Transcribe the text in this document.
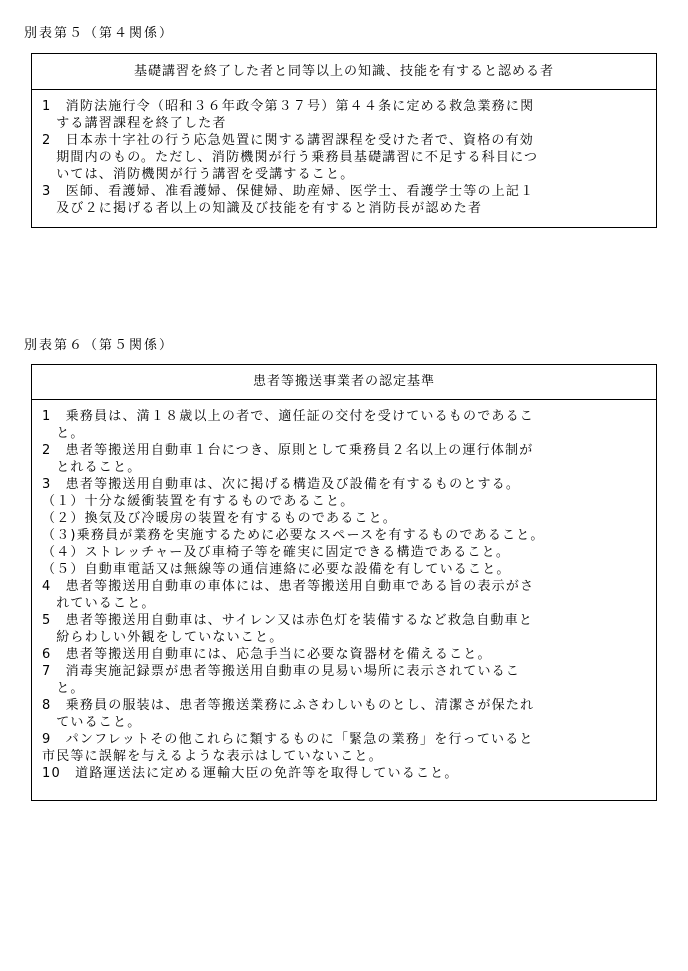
別表第５（第４関係）
基礎講習を終了した者と同等以上の知識、技能を有すると認める者
1　消防法施行令（昭和３６年政令第３７号）第４４条に定める救急業務に関
　する講習課程を終了した者
2　日本赤十字社の行う応急処置に関する講習課程を受けた者で、資格の有効
　期間内のもの。ただし、消防機関が行う乗務員基礎講習に不足する科目につ
　いては、消防機関が行う講習を受講すること。
3　医師、看護婦、准看護婦、保健婦、助産婦、医学士、看護学士等の上記１
　及び２に掲げる者以上の知識及び技能を有すると消防長が認めた者
別表第６（第５関係）
患者等搬送事業者の認定基準
1　乗務員は、満１８歳以上の者で、適任証の交付を受けているものであるこ
　と。
2　患者等搬送用自動車１台につき、原則として乗務員２名以上の運行体制が
　とれること。
3　患者等搬送用自動車は、次に掲げる構造及び設備を有するものとする。
（１）十分な緩衝装置を有するものであること。
（２）換気及び冷暖房の装置を有するものであること。
（３)乗務員が業務を実施するために必要なスペースを有するものであること。
（４）ストレッチャー及び車椅子等を確実に固定できる構造であること。
（５）自動車電話又は無線等の通信連絡に必要な設備を有していること。
4　患者等搬送用自動車の車体には、患者等搬送用自動車である旨の表示がさ
　れていること。
5　患者等搬送用自動車は、サイレン又は赤色灯を装備するなど救急自動車と
　紛らわしい外観をしていないこと。
6　患者等搬送用自動車には、応急手当に必要な資器材を備えること。
7　消毒実施記録票が患者等搬送用自動車の見易い場所に表示されているこ
　と。
8　乗務員の服装は、患者等搬送業務にふさわしいものとし、清潔さが保たれ
　ていること。
9　パンフレットその他これらに類するものに「緊急の業務」を行っていると
市民等に誤解を与えるような表示はしていないこと。
10　道路運送法に定める運輸大臣の免許等を取得していること。
